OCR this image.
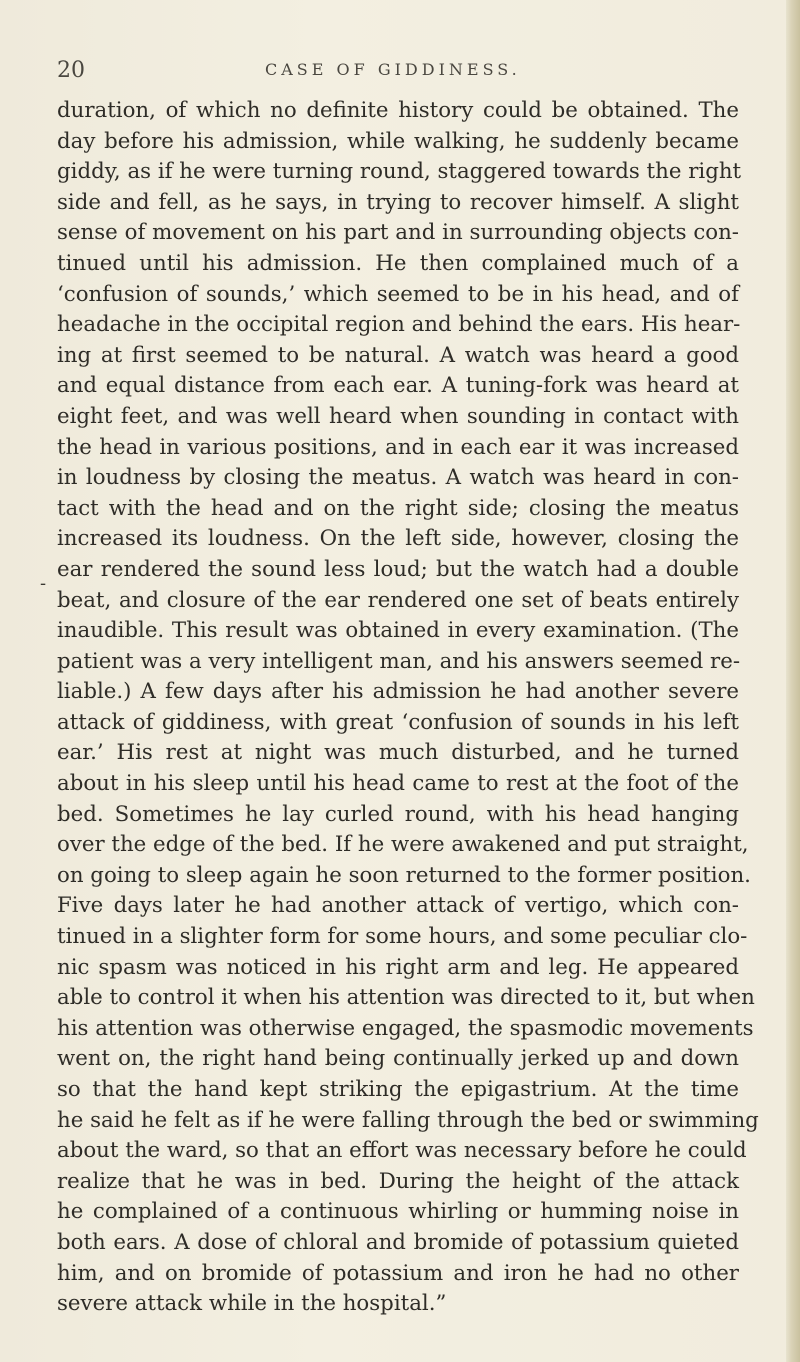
20	CASE OF GIDDINESS.
-
duration, of which no definite history could be obtained. The
day before his admission, while walking, he suddenly became
giddy, as if he were turning round, staggered towards the right
side and fell, as he says, in trying to recover himself. A slight
sense of movement on his part and in surrounding objects con-
tinued until his admission. He then complained much of a
‘confusion of sounds,’ which seemed to be in his head, and of
headache in the occipital region and behind the ears. His hear-
ing at first seemed to be natural. A watch was heard a good
and equal distance from each ear. A tuning-fork was heard at
eight feet, and was well heard when sounding in contact with
the head in various positions, and in each ear it was increased
in loudness by closing the meatus. A watch was heard in con-
tact with the head and on the right side; closing the meatus
increased its loudness. On the left side, however, closing the
ear rendered the sound less loud; but the watch had a double
beat, and closure of the ear rendered one set of beats entirely
inaudible. This result was obtained in every examination. (The
patient was a very intelligent man, and his answers seemed re-
liable.) A few days after his admission he had another severe
attack of giddiness, with great ‘confusion of sounds in his left
ear.’ His rest at night was much disturbed, and he turned
about in his sleep until his head came to rest at the foot of the
bed. Sometimes he lay curled round, with his head hanging
over the edge of the bed. If he were awakened and put straight,
on going to sleep again he soon returned to the former position.
Five days later he had another attack of vertigo, which con-
tinued in a slighter form for some hours, and some peculiar clo-
nic spasm was noticed in his right arm and leg. He appeared
able to control it when his attention was directed to it, but when
his attention was otherwise engaged, the spasmodic movements
went on, the right hand being continually jerked up and down
so that the hand kept striking the epigastrium. At the time
he said he felt as if he were falling through the bed or swimming
about the ward, so that an effort was necessary before he could
realize that he was in bed. During the height of the attack
he complained of a continuous whirling or humming noise in
both ears. A dose of chloral and bromide of potassium quieted
him, and on bromide of potassium and iron he had no other
severe attack while in the hospital.”
